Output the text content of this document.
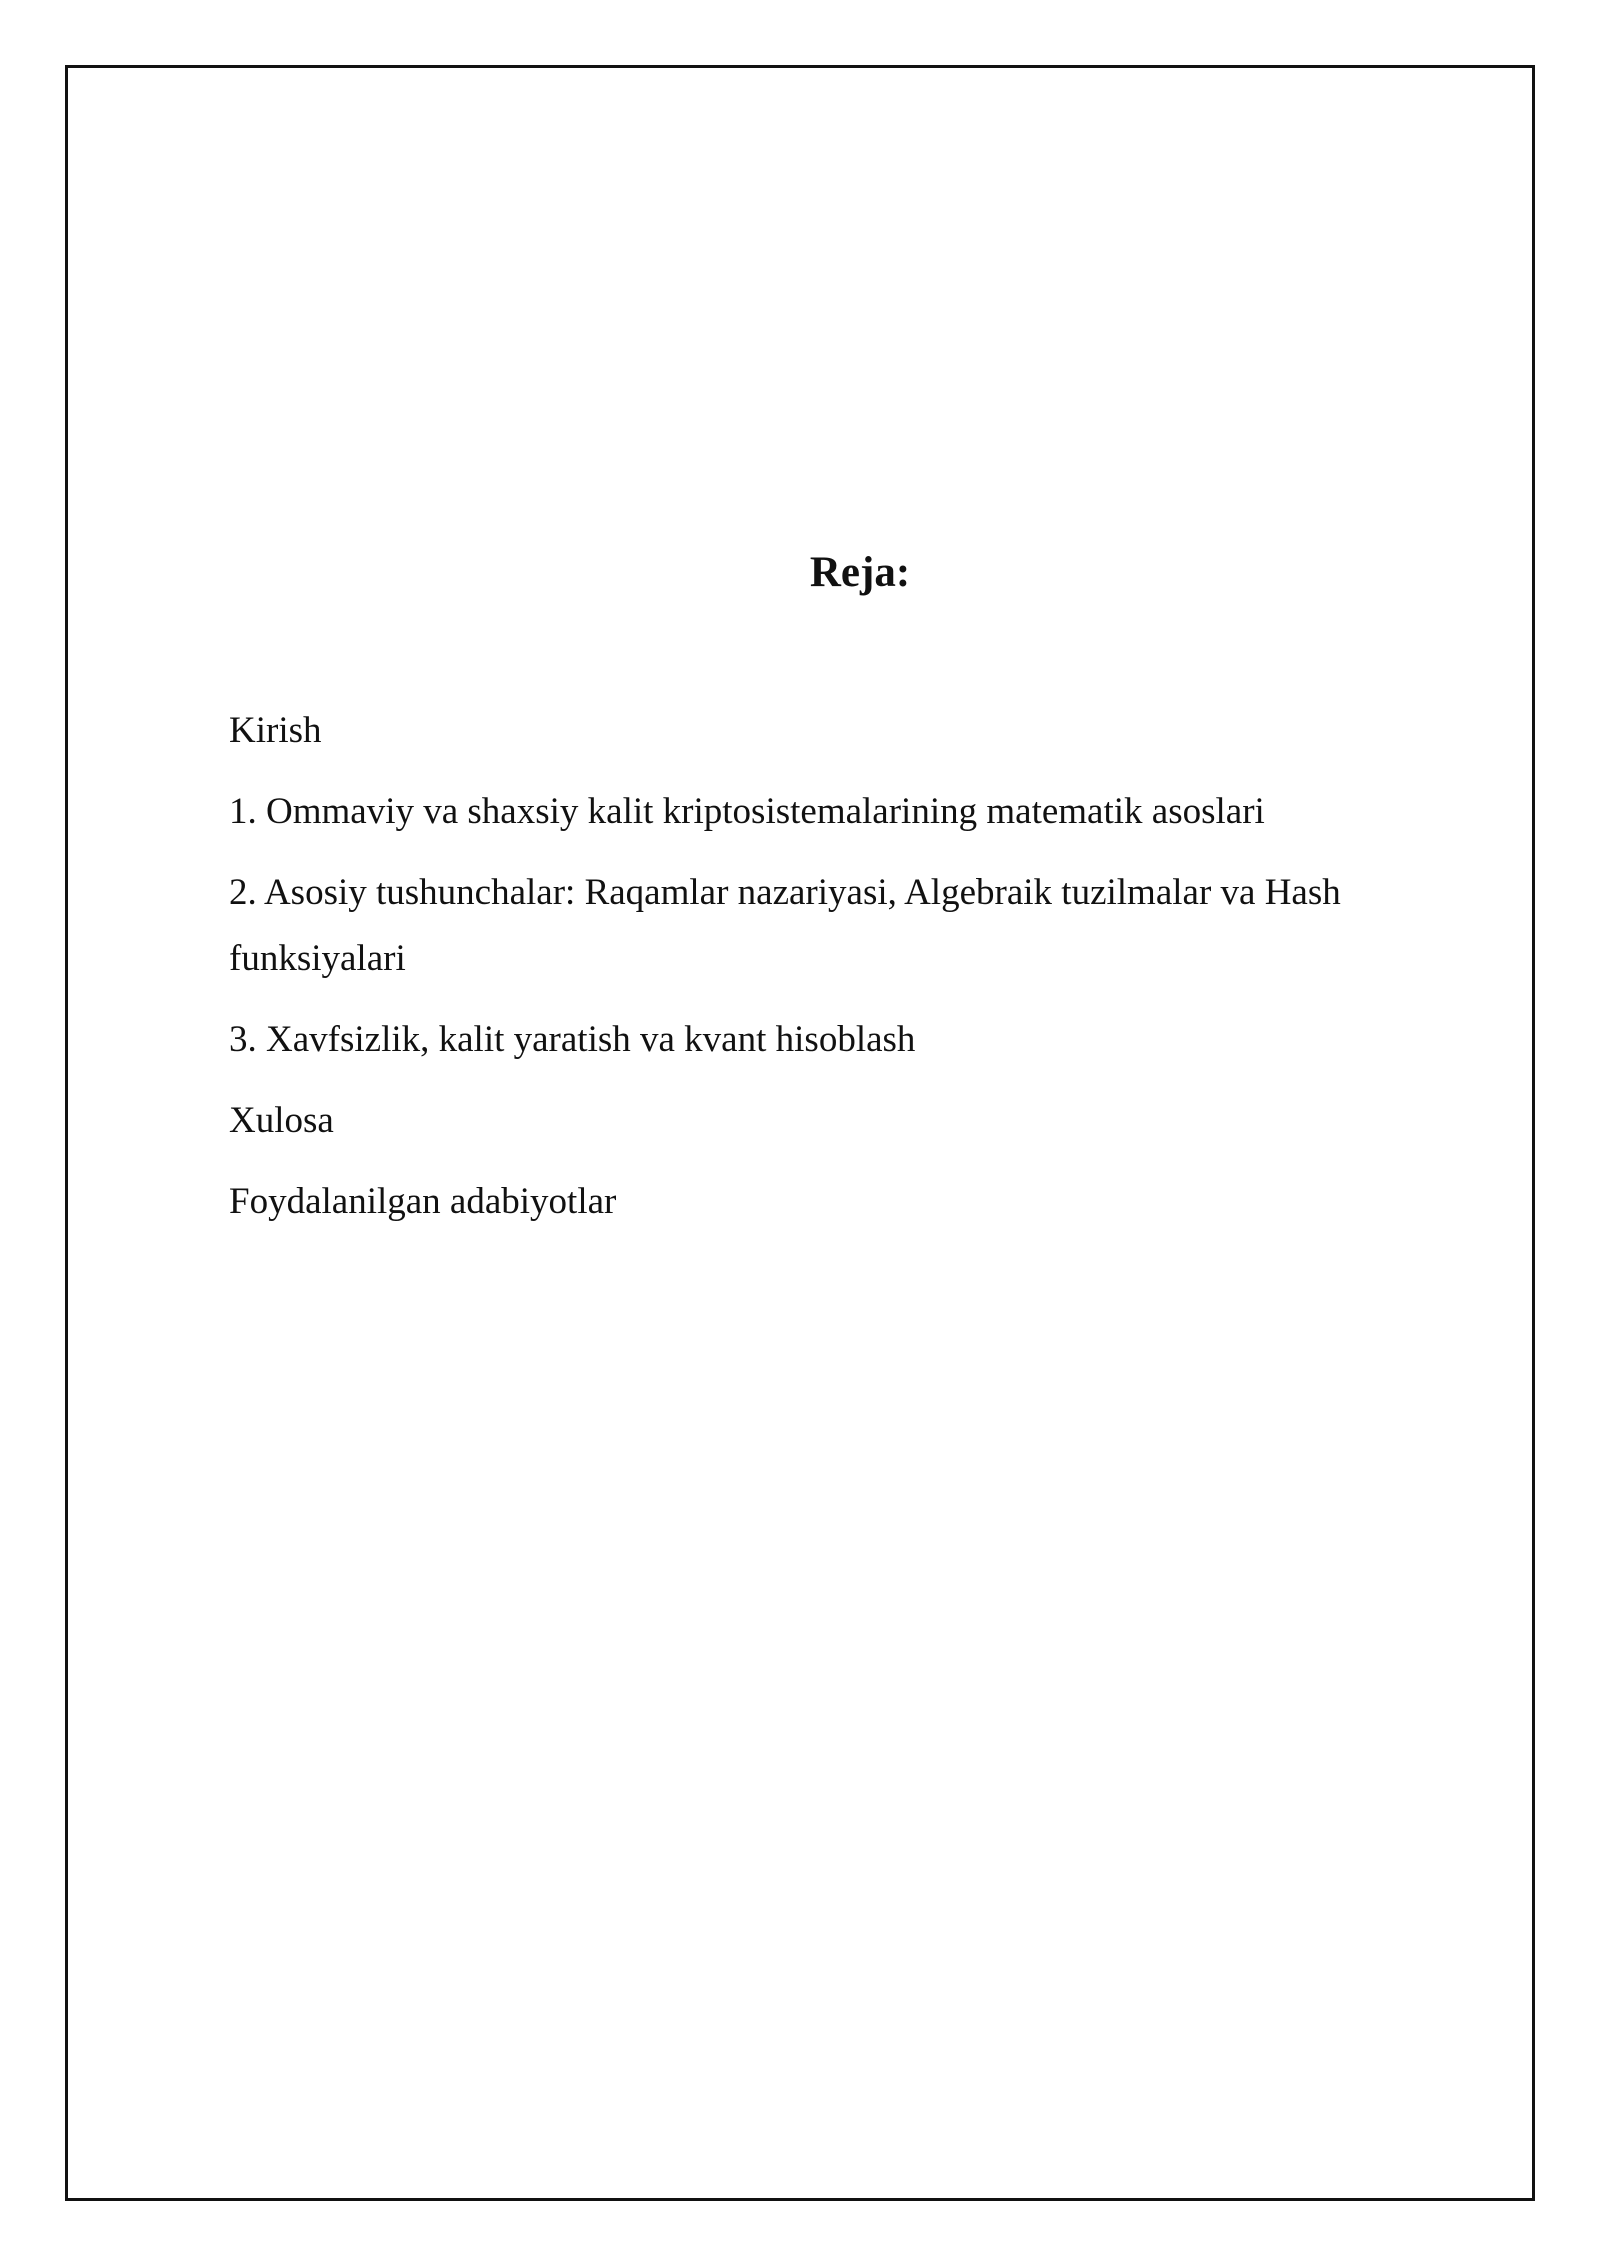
Reja:
Kirish
1. Ommaviy va shaxsiy kalit kriptosistemalarining matematik asoslari
2. Asosiy tushunchalar: Raqamlar nazariyasi, Algebraik tuzilmalar va Hash funksiyalari
3. Xavfsizlik, kalit yaratish va kvant hisoblash
Xulosa
Foydalanilgan adabiyotlar
